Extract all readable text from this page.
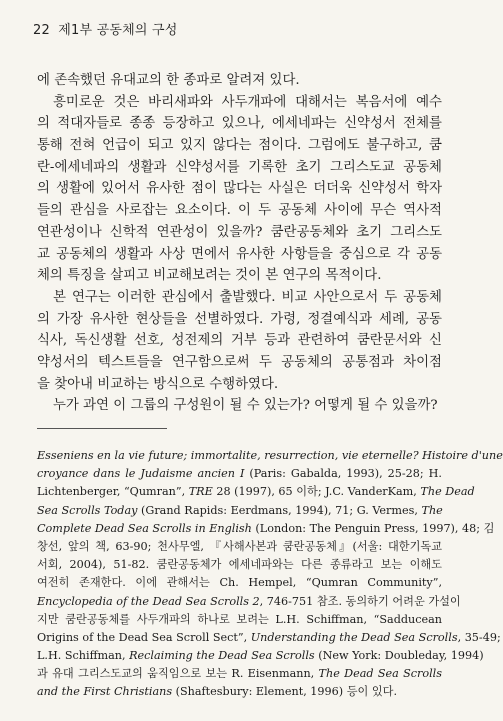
22 제1부 공동체의 구성
에 존속했던 유대교의 한 종파로 알려져 있다.
흥미로운 것은 바리새파와 사두개파에 대해서는 복음서에 예수
의 적대자들로 종종 등장하고 있으나, 에세네파는 신약성서 전체를
통해 전혀 언급이 되고 있지 않다는 점이다. 그럼에도 불구하고, 쿰
란-에세네파의 생활과 신약성서를 기록한 초기 그리스도교 공동체
의 생활에 있어서 유사한 점이 많다는 사실은 더더욱 신약성서 학자
들의 관심을 사로잡는 요소이다. 이 두 공동체 사이에 무슨 역사적
연관성이나 신학적 연관성이 있을까? 쿰란공동체와 초기 그리스도
교 공동체의 생활과 사상 면에서 유사한 사항들을 중심으로 각 공동
체의 특징을 살피고 비교해보려는 것이 본 연구의 목적이다.
본 연구는 이러한 관심에서 출발했다. 비교 사안으로서 두 공동체
의 가장 유사한 현상들을 선별하였다. 가령, 정결예식과 세례, 공동
식사, 독신생활 선호, 성전제의 거부 등과 관련하여 쿰란문서와 신
약성서의 텍스트들을 연구함으로써 두 공동체의 공통점과 차이점
을 찾아내 비교하는 방식으로 수행하였다.
누가 과연 이 그룹의 구성원이 될 수 있는가? 어떻게 될 수 있을까?
Esseniens en la vie future; immortalite, resurrection, vie eternelle? Histoire d'une
croyance dans le Judaisme ancien I (Paris: Gabalda, 1993), 25-28; H.
Lichtenberger, “Qumran”, TRE 28 (1997), 65 이하; J.C. VanderKam, The Dead
Sea Scrolls Today (Grand Rapids: Eerdmans, 1994), 71; G. Vermes, The
Complete Dead Sea Scrolls in English (London: The Penguin Press, 1997), 48; 김
창선, 앞의 책, 63-90; 천사무엘, 『사해사본과 쿰란공동체』(서울: 대한기독교
서회, 2004), 51-82. 쿰란공동체가 에세네파와는 다른 종류라고 보는 이해도
여전히 존재한다. 이에 관해서는 Ch. Hempel, “Qumran Community”,
Encyclopedia of the Dead Sea Scrolls 2, 746-751 참조. 동의하기 어려운 가설이
지만 쿰란공동체를 사두개파의 하나로 보려는 L.H. Schiffman, “Sadducean
Origins of the Dead Sea Scroll Sect”, Understanding the Dead Sea Scrolls, 35-49;
L.H. Schiffman, Reclaiming the Dead Sea Scrolls (New York: Doubleday, 1994)
과 유대 그리스도교의 움직임으로 보는 R. Eisenmann, The Dead Sea Scrolls
and the First Christians (Shaftesbury: Element, 1996) 등이 있다.
